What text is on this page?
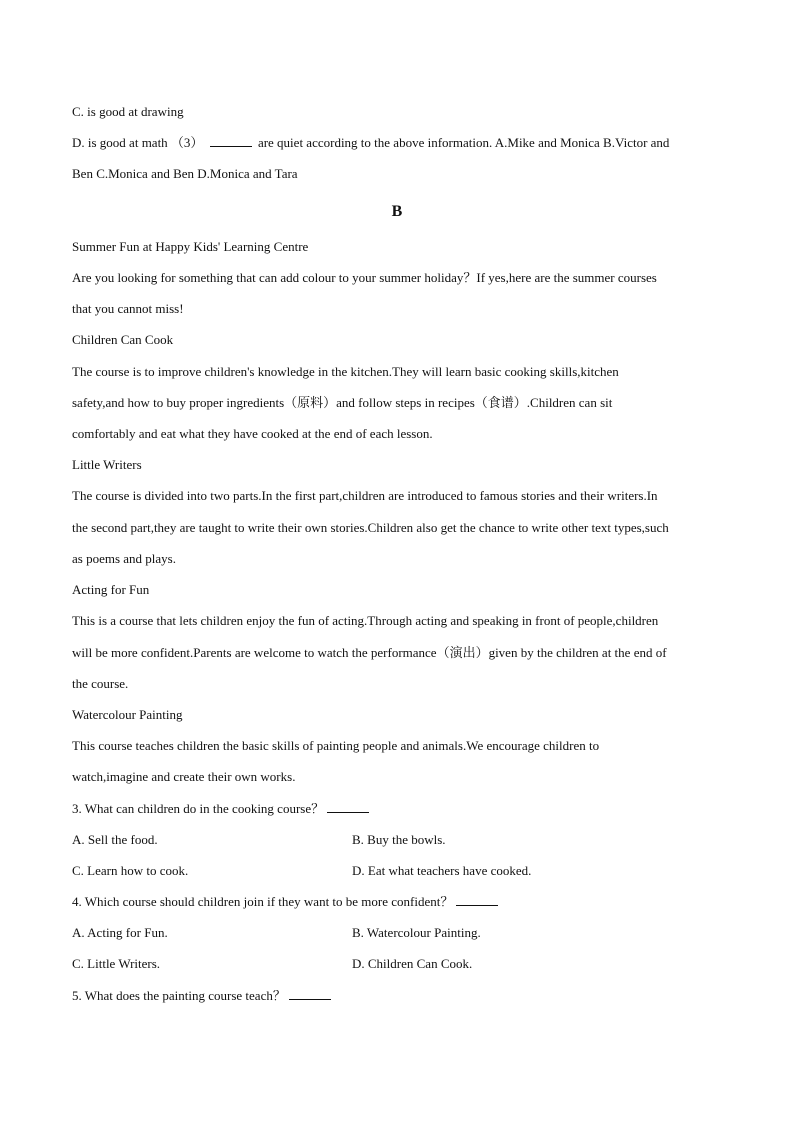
C. is good at drawing
D. is good at math （3）	are quiet according to the above information. A.Mike and Monica B.Victor and
Ben C.Monica and Ben D.Monica and Tara
B
Summer Fun at Happy Kids' Learning Centre
Are you looking for something that can add colour to your summer holiday？If yes,here are the summer courses
that you cannot miss!
Children Can Cook
The course is to improve children's knowledge in the kitchen.They will learn basic cooking skills,kitchen
safety,and how to buy proper ingredients（原料）and follow steps in recipes（食谱）.Children can sit
comfortably and eat what they have cooked at the end of each lesson.
Little Writers
The course is divided into two parts.In the first part,children are introduced to famous stories and their writers.In
the second part,they are taught to write their own stories.Children also get the chance to write other text types,such
as poems and plays.
Acting for Fun
This is a course that lets children enjoy the fun of acting.Through acting and speaking in front of people,children
will be more confident.Parents are welcome to watch the performance（演出）given by the children at the end of
the course.
Watercolour Painting
This course teaches children the basic skills of painting people and animals.We encourage children to
watch,imagine and create their own works.
3. What can children do in the cooking course？
A. Sell the food.	B. Buy the bowls.
C. Learn how to cook.	D. Eat what teachers have cooked.
4. Which course should children join if they want to be more confident？
A. Acting for Fun.	B. Watercolour Painting.
C. Little Writers.	D. Children Can Cook.
5. What does the painting course teach？
